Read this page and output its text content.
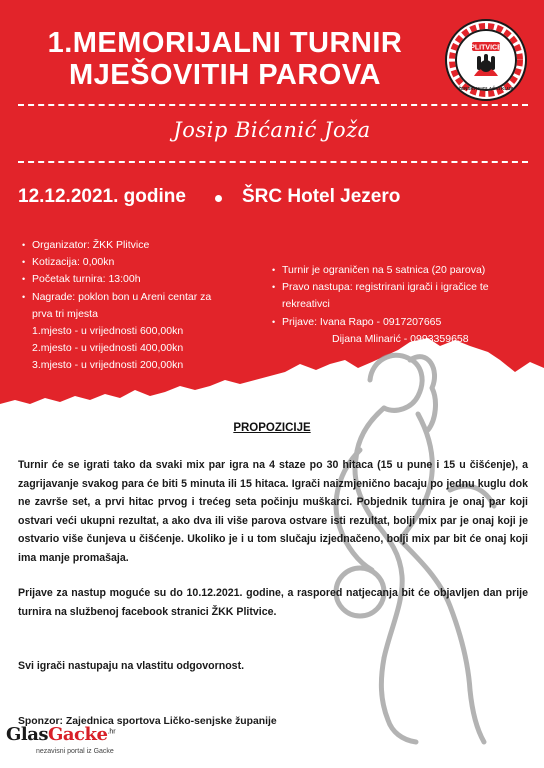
1.MEMORIJALNI TURNIR
MJEŠOVITIH PAROVA
PLITVICE
ŽENSKI KUGLAČKI KLUB
Josip Bićanić Joža
12.12.2021. godine	ŠRC Hotel Jezero
• Organizator: ŽKK Plitvice
• Kotizacija: 0,00kn
• Početak turnira: 13:00h
• Nagrade: poklon bon u Areni centar za
prva tri mjesta
1.mjesto - u vrijednosti 600,00kn
2.mjesto - u vrijednosti 400,00kn
3.mjesto - u vrijednosti 200,00kn
• Turnir je ograničen na 5 satnica (20 parova)
• Pravo nastupa: registrirani igrači i igračice te
rekreativci
• Prijave: Ivana Rapo - 0917207665
Dijana Mlinarić - 0993359658
PROPOZICIJE
Turnir će se igrati tako da svaki mix par igra na 4 staze po 30 hitaca (15 u pune i 15 u čišćenje), a zagrijavanje svakog para će biti 5 minuta ili 15 hitaca. Igrači naizmjenično bacaju po jednu kuglu dok ne završe set, a prvi hitac prvog i trećeg seta počinju muškarci. Pobjednik turnira je onaj par koji ostvari veći ukupni rezultat, a ako dva ili više parova ostvare isti rezultat, bolji mix par je onaj koji je ostvario više čunjeva u čišćenje. Ukoliko je i u tom slučaju izjednačeno, bolji mix par bit će onaj koji ima manje promašaja.
Prijave za nastup moguće su do 10.12.2021. godine, a raspored natjecanja bit će objavljen dan prije turnira na službenoj facebook stranici ŽKK Plitvice.
Svi igrači nastupaju na vlastitu odgovornost.
Sponzor: Zajednica sportova Ličko-senjske županije
GlasGacke$^{.hr}$
nezavisni portal iz Gacke
